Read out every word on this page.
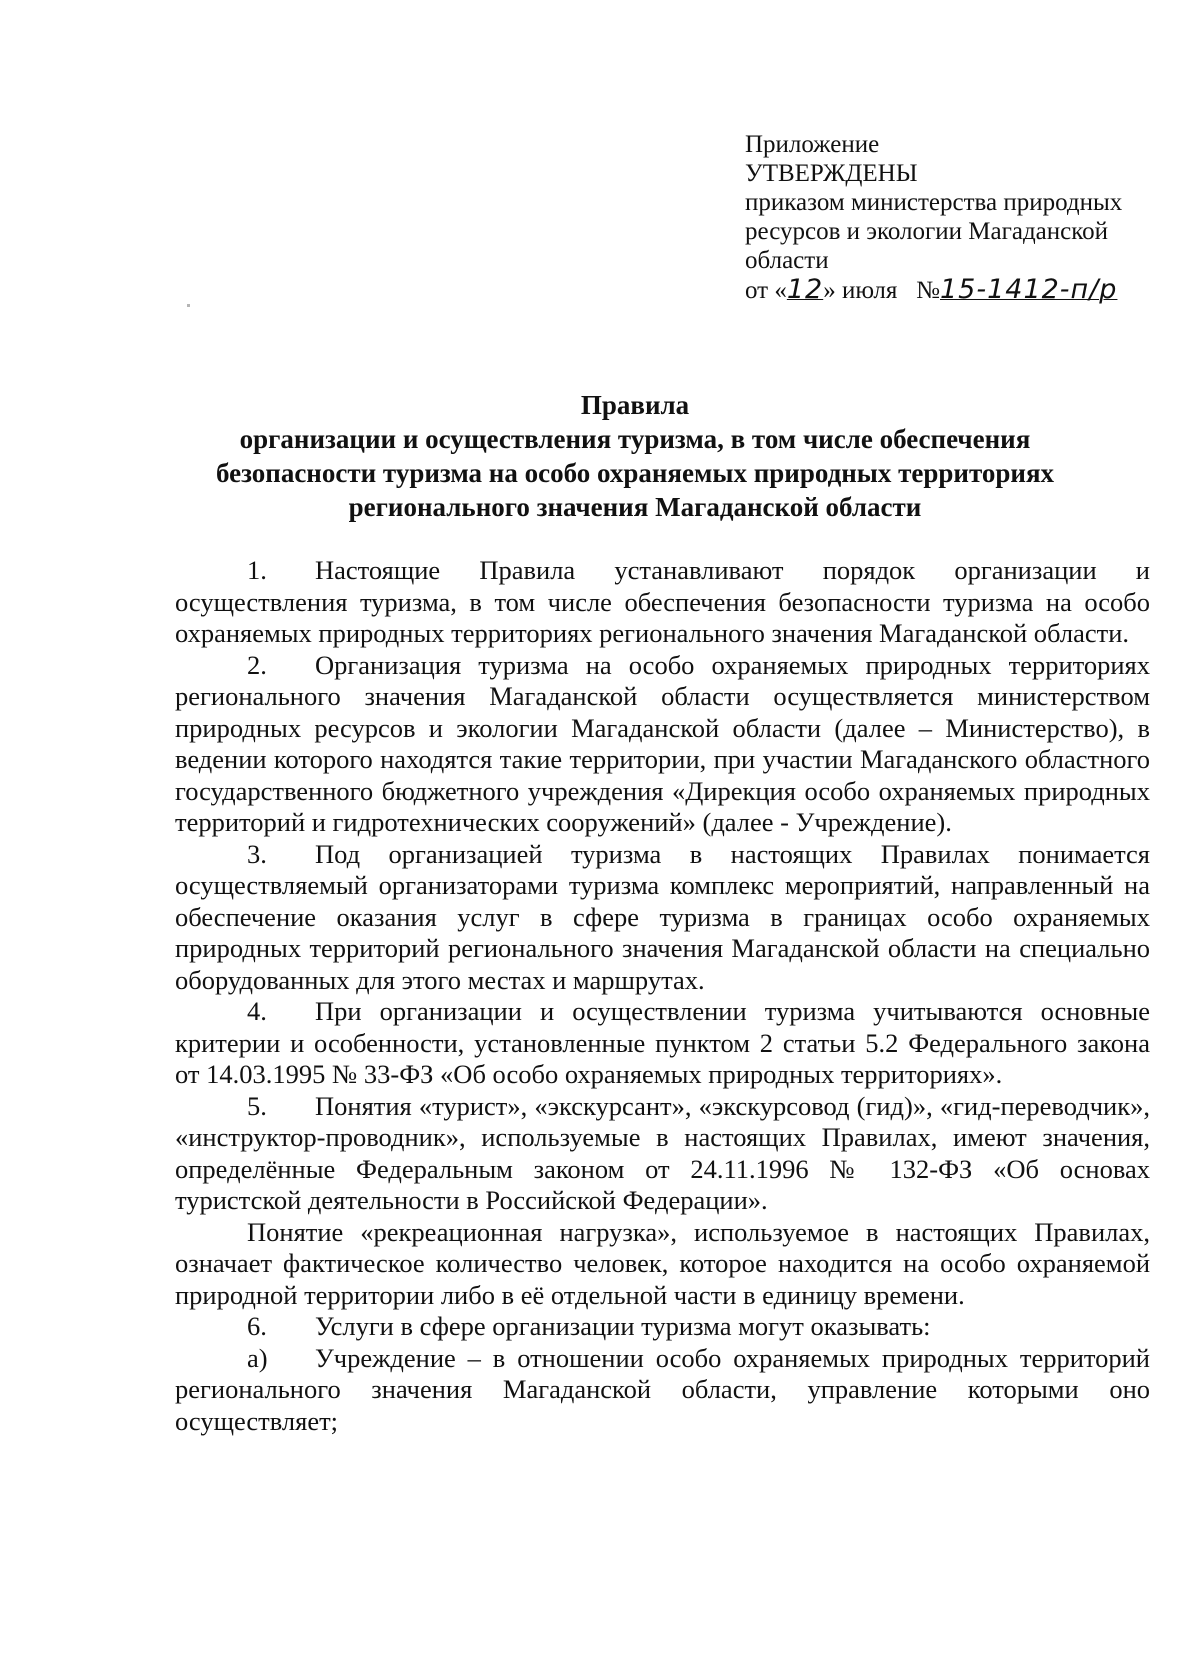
Приложение
УТВЕРЖДЕНЫ
приказом министерства природных
ресурсов и экологии Магаданской
области
от «12» июля №15-1412-п/р
Правила
организации и осуществления туризма, в том числе обеспечения
безопасности туризма на особо охраняемых природных территориях
регионального значения Магаданской области

1. Настоящие Правила устанавливают порядок организации и осуществления туризма, в том числе обеспечения безопасности туризма на особо охраняемых природных территориях регионального значения Магаданской области.

2. Организация туризма на особо охраняемых природных территориях регионального значения Магаданской области осуществляется министерством природных ресурсов и экологии Магаданской области (далее – Министерство), в ведении которого находятся такие территории, при участии Магаданского областного государственного бюджетного учреждения «Дирекция особо охраняемых природных территорий и гидротехнических сооружений» (далее - Учреждение).

3. Под организацией туризма в настоящих Правилах понимается осуществляемый организаторами туризма комплекс мероприятий, направленный на обеспечение оказания услуг в сфере туризма в границах особо охраняемых природных территорий регионального значения Магаданской области на специально оборудованных для этого местах и маршрутах.

4. При организации и осуществлении туризма учитываются основные критерии и особенности, установленные пунктом 2 статьи 5.2 Федерального закона от 14.03.1995 № 33-ФЗ «Об особо охраняемых природных территориях».

5. Понятия «турист», «экскурсант», «экскурсовод (гид)», «гид-переводчик», «инструктор-проводник», используемые в настоящих Правилах, имеют значения, определённые Федеральным законом от 24.11.1996 № 132-ФЗ «Об основах туристской деятельности в Российской Федерации».

Понятие «рекреационная нагрузка», используемое в настоящих Правилах, означает фактическое количество человек, которое находится на особо охраняемой природной территории либо в её отдельной части в единицу времени.

6. Услуги в сфере организации туризма могут оказывать:

а) Учреждение – в отношении особо охраняемых природных территорий регионального значения Магаданской области, управление которыми оно осуществляет;
